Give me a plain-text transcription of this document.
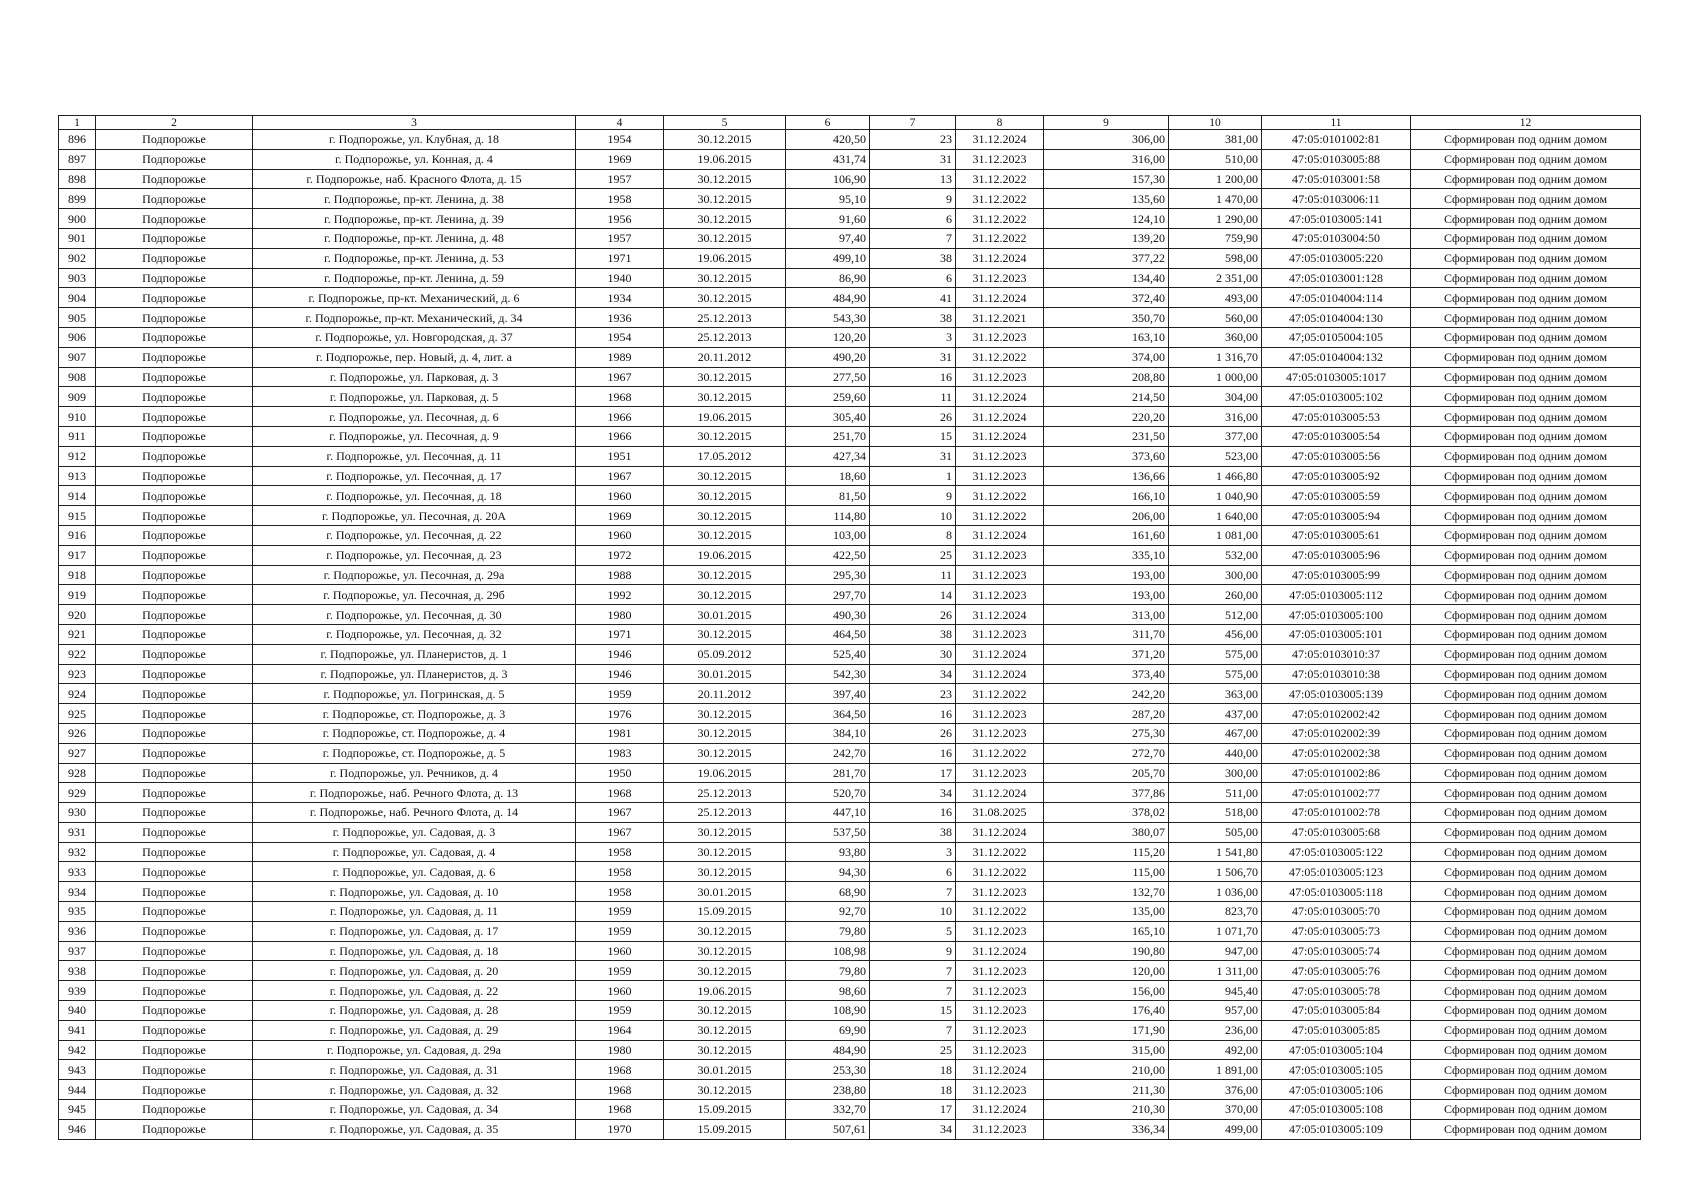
1	2	3	4	5	6	7	8	9	10	11	12
896	Подпорожье	г. Подпорожье, ул. Клубная, д. 18	1954	30.12.2015	420,50	23	31.12.2024	306,00	381,00	47:05:0101002:81	Сформирован под одним домом
897	Подпорожье	г. Подпорожье, ул. Конная, д. 4	1969	19.06.2015	431,74	31	31.12.2023	316,00	510,00	47:05:0103005:88	Сформирован под одним домом
898	Подпорожье	г. Подпорожье, наб. Красного Флота, д. 15	1957	30.12.2015	106,90	13	31.12.2022	157,30	1 200,00	47:05:0103001:58	Сформирован под одним домом
899	Подпорожье	г. Подпорожье, пр-кт. Ленина, д. 38	1958	30.12.2015	95,10	9	31.12.2022	135,60	1 470,00	47:05:0103006:11	Сформирован под одним домом
900	Подпорожье	г. Подпорожье, пр-кт. Ленина, д. 39	1956	30.12.2015	91,60	6	31.12.2022	124,10	1 290,00	47:05:0103005:141	Сформирован под одним домом
901	Подпорожье	г. Подпорожье, пр-кт. Ленина, д. 48	1957	30.12.2015	97,40	7	31.12.2022	139,20	759,90	47:05:0103004:50	Сформирован под одним домом
902	Подпорожье	г. Подпорожье, пр-кт. Ленина, д. 53	1971	19.06.2015	499,10	38	31.12.2024	377,22	598,00	47:05:0103005:220	Сформирован под одним домом
903	Подпорожье	г. Подпорожье, пр-кт. Ленина, д. 59	1940	30.12.2015	86,90	6	31.12.2023	134,40	2 351,00	47:05:0103001:128	Сформирован под одним домом
904	Подпорожье	г. Подпорожье, пр-кт. Механический, д. 6	1934	30.12.2015	484,90	41	31.12.2024	372,40	493,00	47:05:0104004:114	Сформирован под одним домом
905	Подпорожье	г. Подпорожье, пр-кт. Механический, д. 34	1936	25.12.2013	543,30	38	31.12.2021	350,70	560,00	47:05:0104004:130	Сформирован под одним домом
906	Подпорожье	г. Подпорожье, ул. Новгородская, д. 37	1954	25.12.2013	120,20	3	31.12.2023	163,10	360,00	47;05:0105004:105	Сформирован под одним домом
907	Подпорожье	г. Подпорожье, пер. Новый, д. 4, лит. а	1989	20.11.2012	490,20	31	31.12.2022	374,00	1 316,70	47:05:0104004:132	Сформирован под одним домом
908	Подпорожье	г. Подпорожье, ул. Парковая, д. 3	1967	30.12.2015	277,50	16	31.12.2023	208,80	1 000,00	47:05:0103005:1017	Сформирован под одним домом
909	Подпорожье	г. Подпорожье, ул. Парковая, д. 5	1968	30.12.2015	259,60	11	31.12.2024	214,50	304,00	47:05:0103005:102	Сформирован под одним домом
910	Подпорожье	г. Подпорожье, ул. Песочная, д. 6	1966	19.06.2015	305,40	26	31.12.2024	220,20	316,00	47:05:0103005:53	Сформирован под одним домом
911	Подпорожье	г. Подпорожье, ул. Песочная, д. 9	1966	30.12.2015	251,70	15	31.12.2024	231,50	377,00	47:05:0103005:54	Сформирован под одним домом
912	Подпорожье	г. Подпорожье, ул. Песочная, д. 11	1951	17.05.2012	427,34	31	31.12.2023	373,60	523,00	47:05:0103005:56	Сформирован под одним домом
913	Подпорожье	г. Подпорожье, ул. Песочная, д. 17	1967	30.12.2015	18,60	1	31.12.2023	136,66	1 466,80	47:05:0103005:92	Сформирован под одним домом
914	Подпорожье	г. Подпорожье, ул. Песочная, д. 18	1960	30.12.2015	81,50	9	31.12.2022	166,10	1 040,90	47:05:0103005:59	Сформирован под одним домом
915	Подпорожье	г. Подпорожье, ул. Песочная, д. 20А	1969	30.12.2015	114,80	10	31.12.2022	206,00	1 640,00	47:05:0103005:94	Сформирован под одним домом
916	Подпорожье	г. Подпорожье, ул. Песочная, д. 22	1960	30.12.2015	103,00	8	31.12.2024	161,60	1 081,00	47:05:0103005:61	Сформирован под одним домом
917	Подпорожье	г. Подпорожье, ул. Песочная, д. 23	1972	19.06.2015	422,50	25	31.12.2023	335,10	532,00	47:05:0103005:96	Сформирован под одним домом
918	Подпорожье	г. Подпорожье, ул. Песочная, д. 29а	1988	30.12.2015	295,30	11	31.12.2023	193,00	300,00	47:05:0103005:99	Сформирован под одним домом
919	Подпорожье	г. Подпорожье, ул. Песочная, д. 29б	1992	30.12.2015	297,70	14	31.12.2023	193,00	260,00	47:05:0103005:112	Сформирован под одним домом
920	Подпорожье	г. Подпорожье, ул. Песочная, д. 30	1980	30.01.2015	490,30	26	31.12.2024	313,00	512,00	47:05:0103005:100	Сформирован под одним домом
921	Подпорожье	г. Подпорожье, ул. Песочная, д. 32	1971	30.12.2015	464,50	38	31.12.2023	311,70	456,00	47:05:0103005:101	Сформирован под одним домом
922	Подпорожье	г. Подпорожье, ул. Планеристов, д. 1	1946	05.09.2012	525,40	30	31.12.2024	371,20	575,00	47:05:0103010:37	Сформирован под одним домом
923	Подпорожье	г. Подпорожье, ул. Планеристов, д. 3	1946	30.01.2015	542,30	34	31.12.2024	373,40	575,00	47:05:0103010:38	Сформирован под одним домом
924	Подпорожье	г. Подпорожье, ул. Погринская, д. 5	1959	20.11.2012	397,40	23	31.12.2022	242,20	363,00	47:05:0103005:139	Сформирован под одним домом
925	Подпорожье	г. Подпорожье, ст. Подпорожье, д. 3	1976	30.12.2015	364,50	16	31.12.2023	287,20	437,00	47:05:0102002:42	Сформирован под одним домом
926	Подпорожье	г. Подпорожье, ст. Подпорожье, д. 4	1981	30.12.2015	384,10	26	31.12.2023	275,30	467,00	47:05:0102002:39	Сформирован под одним домом
927	Подпорожье	г. Подпорожье, ст. Подпорожье, д. 5	1983	30.12.2015	242,70	16	31.12.2022	272,70	440,00	47:05:0102002:38	Сформирован под одним домом
928	Подпорожье	г. Подпорожье, ул. Речников, д. 4	1950	19.06.2015	281,70	17	31.12.2023	205,70	300,00	47:05:0101002:86	Сформирован под одним домом
929	Подпорожье	г. Подпорожье, наб. Речного Флота, д. 13	1968	25.12.2013	520,70	34	31.12.2024	377,86	511,00	47:05:0101002:77	Сформирован под одним домом
930	Подпорожье	г. Подпорожье, наб. Речного Флота, д. 14	1967	25.12.2013	447,10	16	31.08.2025	378,02	518,00	47:05:0101002:78	Сформирован под одним домом
931	Подпорожье	г. Подпорожье, ул. Садовая, д. 3	1967	30.12.2015	537,50	38	31.12.2024	380,07	505,00	47:05:0103005:68	Сформирован под одним домом
932	Подпорожье	г. Подпорожье, ул. Садовая, д. 4	1958	30.12.2015	93,80	3	31.12.2022	115,20	1 541,80	47:05:0103005:122	Сформирован под одним домом
933	Подпорожье	г. Подпорожье, ул. Садовая, д. 6	1958	30.12.2015	94,30	6	31.12.2022	115,00	1 506,70	47:05:0103005:123	Сформирован под одним домом
934	Подпорожье	г. Подпорожье, ул. Садовая, д. 10	1958	30.01.2015	68,90	7	31.12.2023	132,70	1 036,00	47:05:0103005:118	Сформирован под одним домом
935	Подпорожье	г. Подпорожье, ул. Садовая, д. 11	1959	15.09.2015	92,70	10	31.12.2022	135,00	823,70	47:05:0103005:70	Сформирован под одним домом
936	Подпорожье	г. Подпорожье, ул. Садовая, д. 17	1959	30.12.2015	79,80	5	31.12.2023	165,10	1 071,70	47:05:0103005:73	Сформирован под одним домом
937	Подпорожье	г. Подпорожье, ул. Садовая, д. 18	1960	30.12.2015	108,98	9	31.12.2024	190,80	947,00	47:05:0103005:74	Сформирован под одним домом
938	Подпорожье	г. Подпорожье, ул. Садовая, д. 20	1959	30.12.2015	79,80	7	31.12.2023	120,00	1 311,00	47:05:0103005:76	Сформирован под одним домом
939	Подпорожье	г. Подпорожье, ул. Садовая, д. 22	1960	19.06.2015	98,60	7	31.12.2023	156,00	945,40	47:05:0103005:78	Сформирован под одним домом
940	Подпорожье	г. Подпорожье, ул. Садовая, д. 28	1959	30.12.2015	108,90	15	31.12.2023	176,40	957,00	47:05:0103005:84	Сформирован под одним домом
941	Подпорожье	г. Подпорожье, ул. Садовая, д. 29	1964	30.12.2015	69,90	7	31.12.2023	171,90	236,00	47:05:0103005:85	Сформирован под одним домом
942	Подпорожье	г. Подпорожье, ул. Садовая, д. 29а	1980	30.12.2015	484,90	25	31.12.2023	315,00	492,00	47:05:0103005:104	Сформирован под одним домом
943	Подпорожье	г. Подпорожье, ул. Садовая, д. 31	1968	30.01.2015	253,30	18	31.12.2024	210,00	1 891,00	47:05:0103005:105	Сформирован под одним домом
944	Подпорожье	г. Подпорожье, ул. Садовая, д. 32	1968	30.12.2015	238,80	18	31.12.2023	211,30	376,00	47:05:0103005:106	Сформирован под одним домом
945	Подпорожье	г. Подпорожье, ул. Садовая, д. 34	1968	15.09.2015	332,70	17	31.12.2024	210,30	370,00	47:05:0103005:108	Сформирован под одним домом
946	Подпорожье	г. Подпорожье, ул. Садовая, д. 35	1970	15.09.2015	507,61	34	31.12.2023	336,34	499,00	47:05:0103005:109	Сформирован под одним домом
